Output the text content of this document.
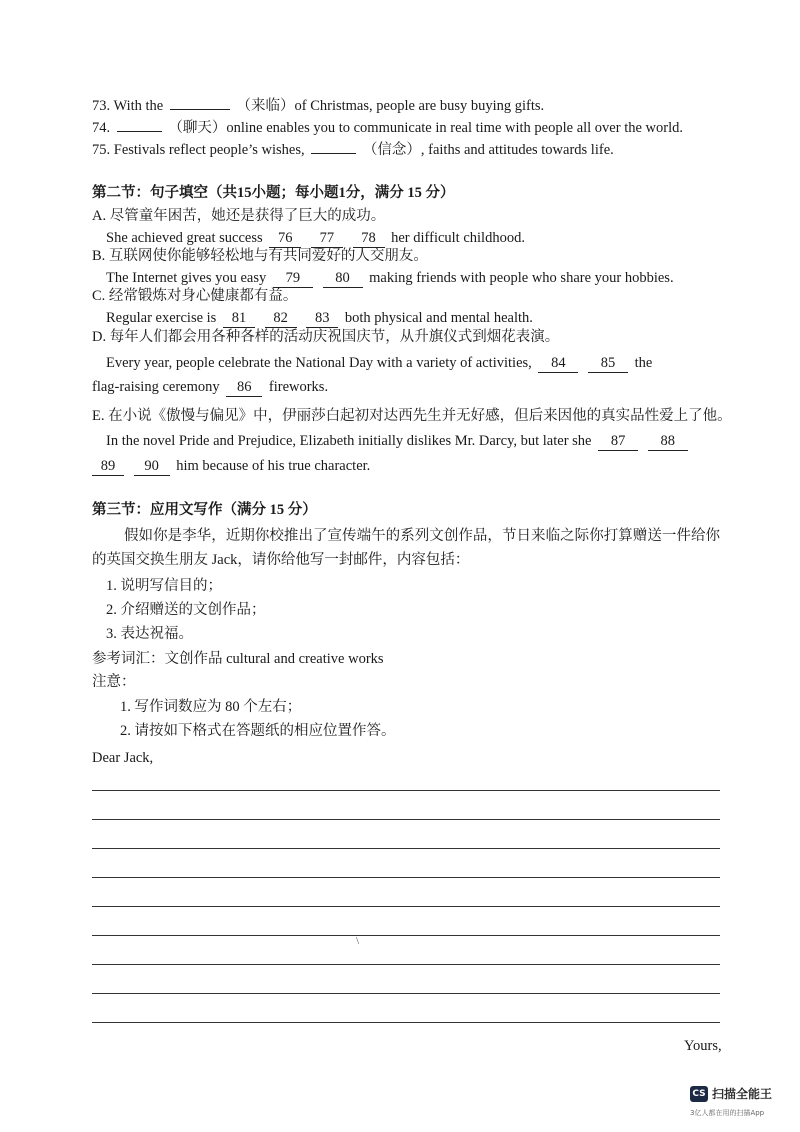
73. With the	（来临）of Christmas, people are busy buying gifts.
74.	（聊天）online enables you to communicate in real time with people all over the world.
75. Festivals reflect people’s wishes,	（信念）, faiths and attitudes towards life.
第二节：句子填空（共15小题；每小题1分，满分 15 分）
A. 尽管童年困苦，她还是获得了巨大的成功。
She achieved great success 76 77 78 her difficult childhood.
B. 互联网使你能够轻松地与有共同爱好的人交朋友。
The Internet gives you easy 79 80 making friends with people who share your hobbies.
C. 经常锻炼对身心健康都有益。
Regular exercise is 81 82 83 both physical and mental health.
D. 每年人们都会用各种各样的活动庆祝国庆节，从升旗仪式到烟花表演。
Every year, people celebrate the National Day with a variety of activities, 84 85 the
flag-raising ceremony 86 fireworks.
E. 在小说《傲慢与偏见》中，伊丽莎白起初对达西先生并无好感，但后来因他的真实品性爱上了他。
In the novel Pride and Prejudice, Elizabeth initially dislikes Mr. Darcy, but later she 87 88
89 90 him because of his true character.
第三节：应用文写作（满分 15 分）
假如你是李华，近期你校推出了宣传端午的系列文创作品，节日来临之际你打算赠送一件给你
的英国交换生朋友 Jack，请你给他写一封邮件，内容包括：
1. 说明写信目的；
2. 介绍赠送的文创作品；
3. 表达祝福。
参考词汇：文创作品 cultural and creative works
注意：
1. 写作词数应为 80 个左右；
2. 请按如下格式在答题纸的相应位置作答。
Dear Jack,
\
Yours,
CS 扫描全能王
3亿人都在用的扫描App
